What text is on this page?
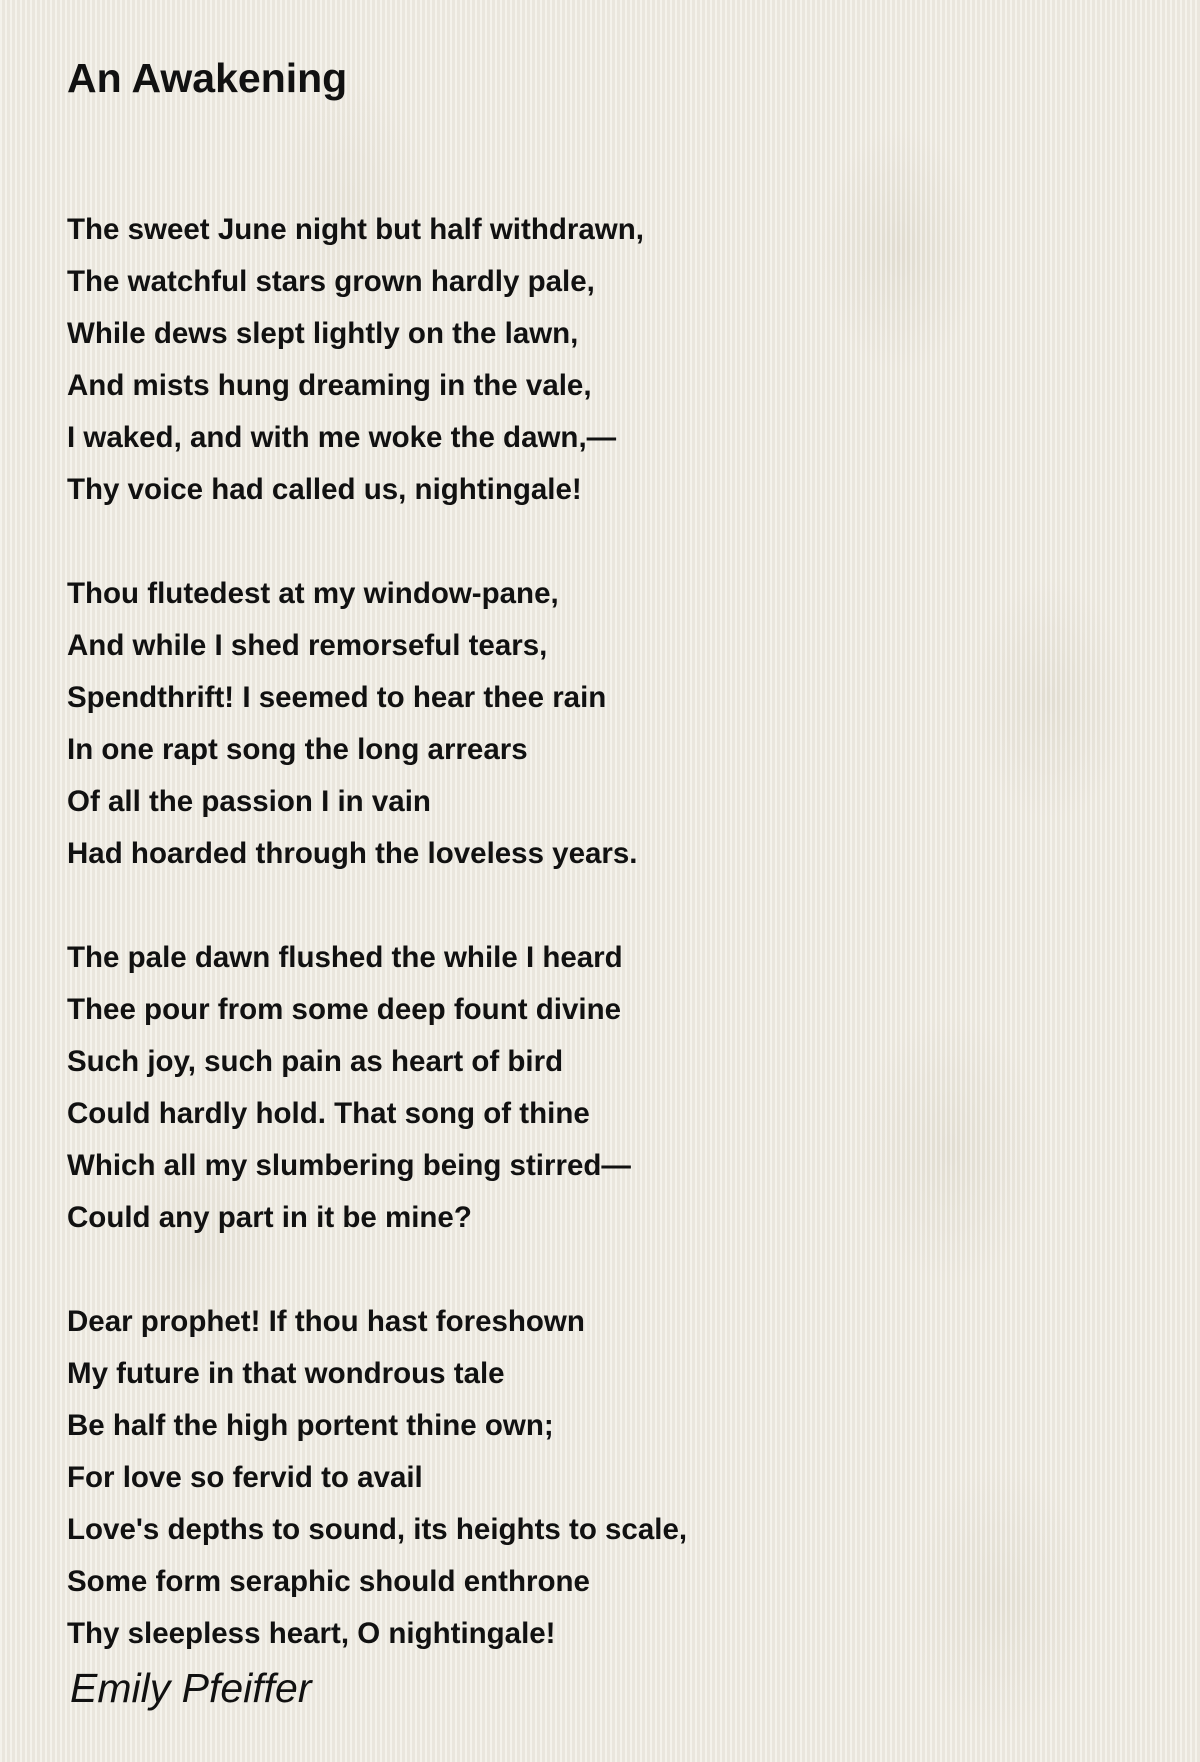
An Awakening
The sweet June night but half withdrawn,
The watchful stars grown hardly pale,
While dews slept lightly on the lawn,
And mists hung dreaming in the vale,
I waked, and with me woke the dawn,—
Thy voice had called us, nightingale!
Thou flutedest at my window-pane,
And while I shed remorseful tears,
Spendthrift! I seemed to hear thee rain
In one rapt song the long arrears
Of all the passion I in vain
Had hoarded through the loveless years.
The pale dawn flushed the while I heard
Thee pour from some deep fount divine
Such joy, such pain as heart of bird
Could hardly hold. That song of thine
Which all my slumbering being stirred—
Could any part in it be mine?
Dear prophet! If thou hast foreshown
My future in that wondrous tale
Be half the high portent thine own;
For love so fervid to avail
Love's depths to sound, its heights to scale,
Some form seraphic should enthrone
Thy sleepless heart, O nightingale!
Emily Pfeiffer
